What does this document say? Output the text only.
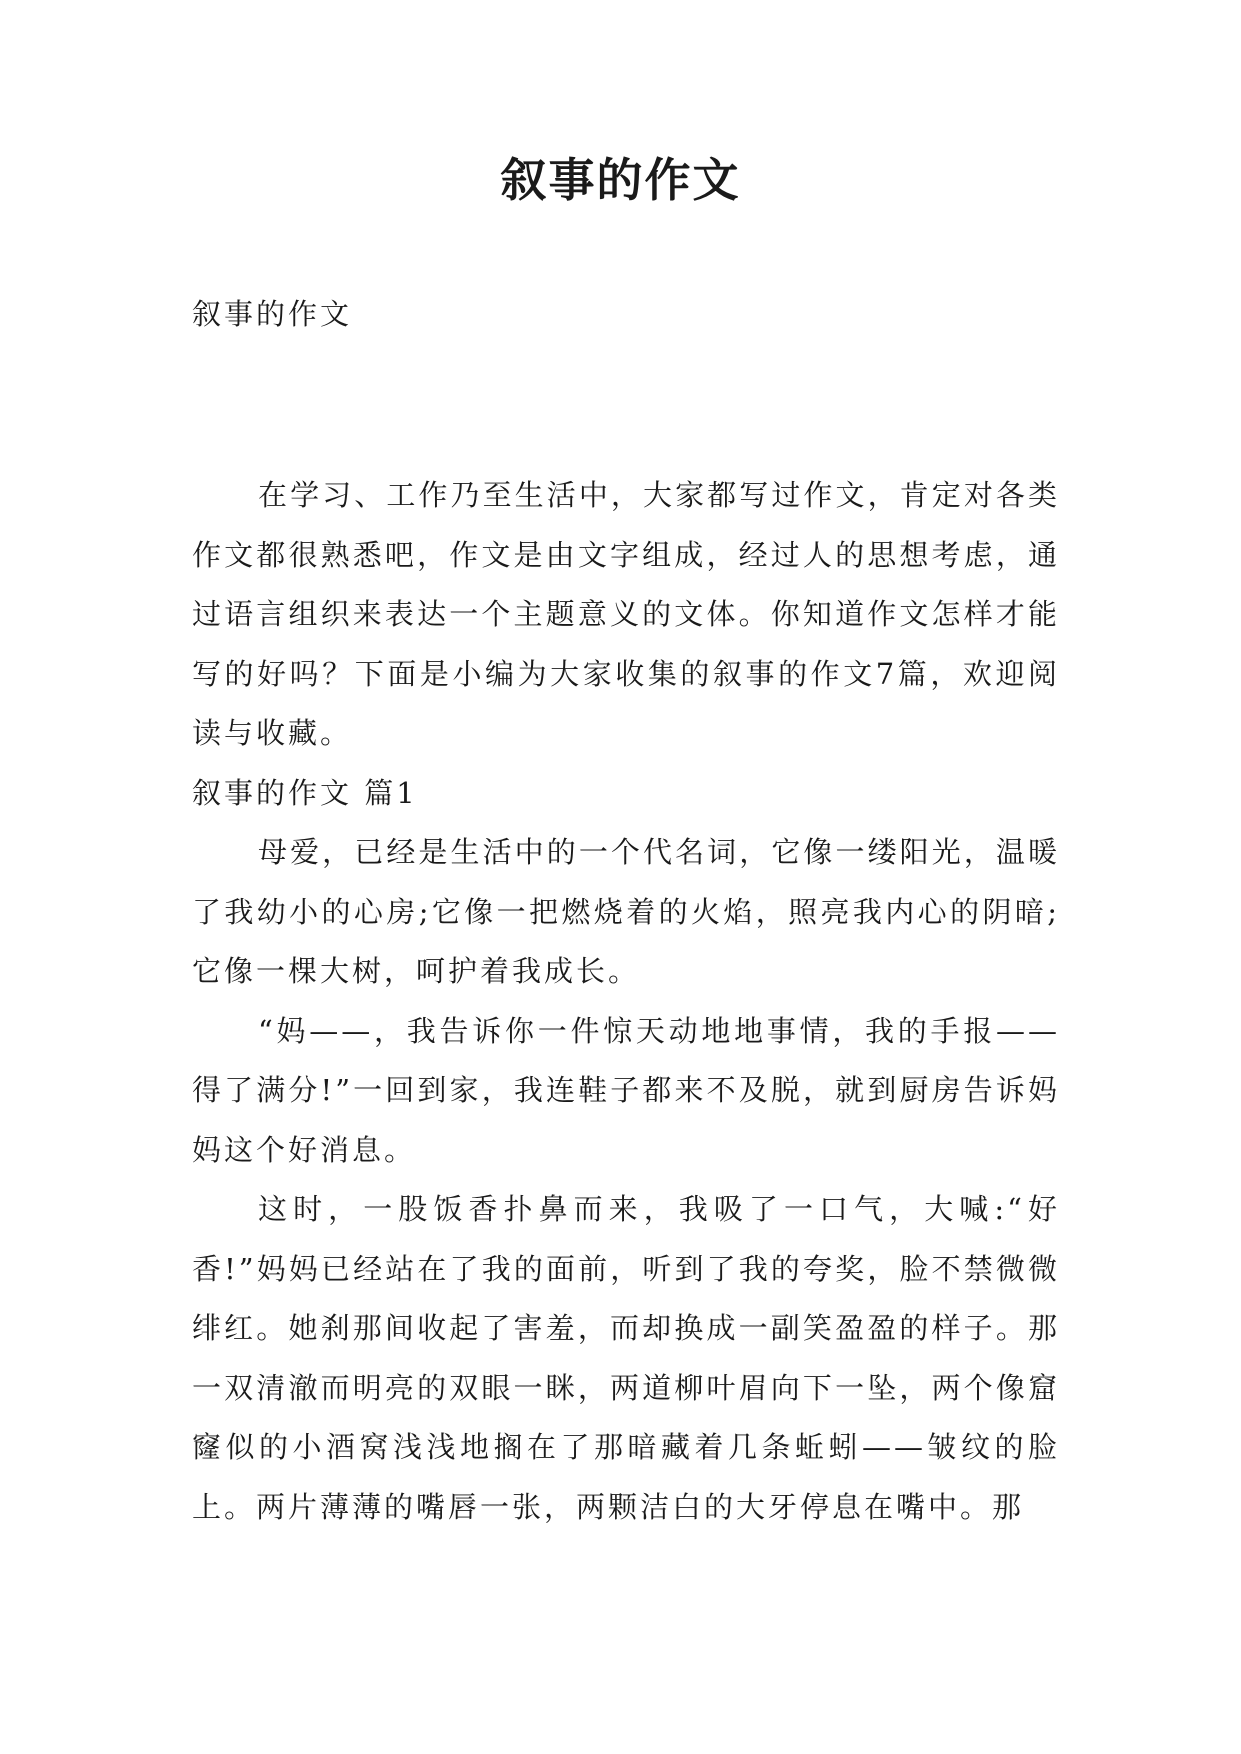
叙事的作文
叙事的作文

在学习、工作乃至生活中，大家都写过作文，肯定对各类作文都很熟悉吧，作文是由文字组成，经过人的思想考虑，通过语言组织来表达一个主题意义的文体。你知道作文怎样才能写的好吗？下面是小编为大家收集的叙事的作文7篇，欢迎阅读与收藏。

叙事的作文 篇1

母爱，已经是生活中的一个代名词，它像一缕阳光，温暖了我幼小的心房;它像一把燃烧着的火焰，照亮我内心的阴暗;它像一棵大树，呵护着我成长。

“妈——，我告诉你一件惊天动地地事情，我的手报——得了满分!”一回到家，我连鞋子都来不及脱，就到厨房告诉妈妈这个好消息。

这时，一股饭香扑鼻而来，我吸了一口气，大喊:“好香!”妈妈已经站在了我的面前，听到了我的夸奖，脸不禁微微绯红。她刹那间收起了害羞，而却换成一副笑盈盈的样子。那一双清澈而明亮的双眼一眯，两道柳叶眉向下一坠，两个像窟窿似的小酒窝浅浅地搁在了那暗藏着几条蚯蚓——皱纹的脸上。两片薄薄的嘴唇一张，两颗洁白的大牙停息在嘴中。那
